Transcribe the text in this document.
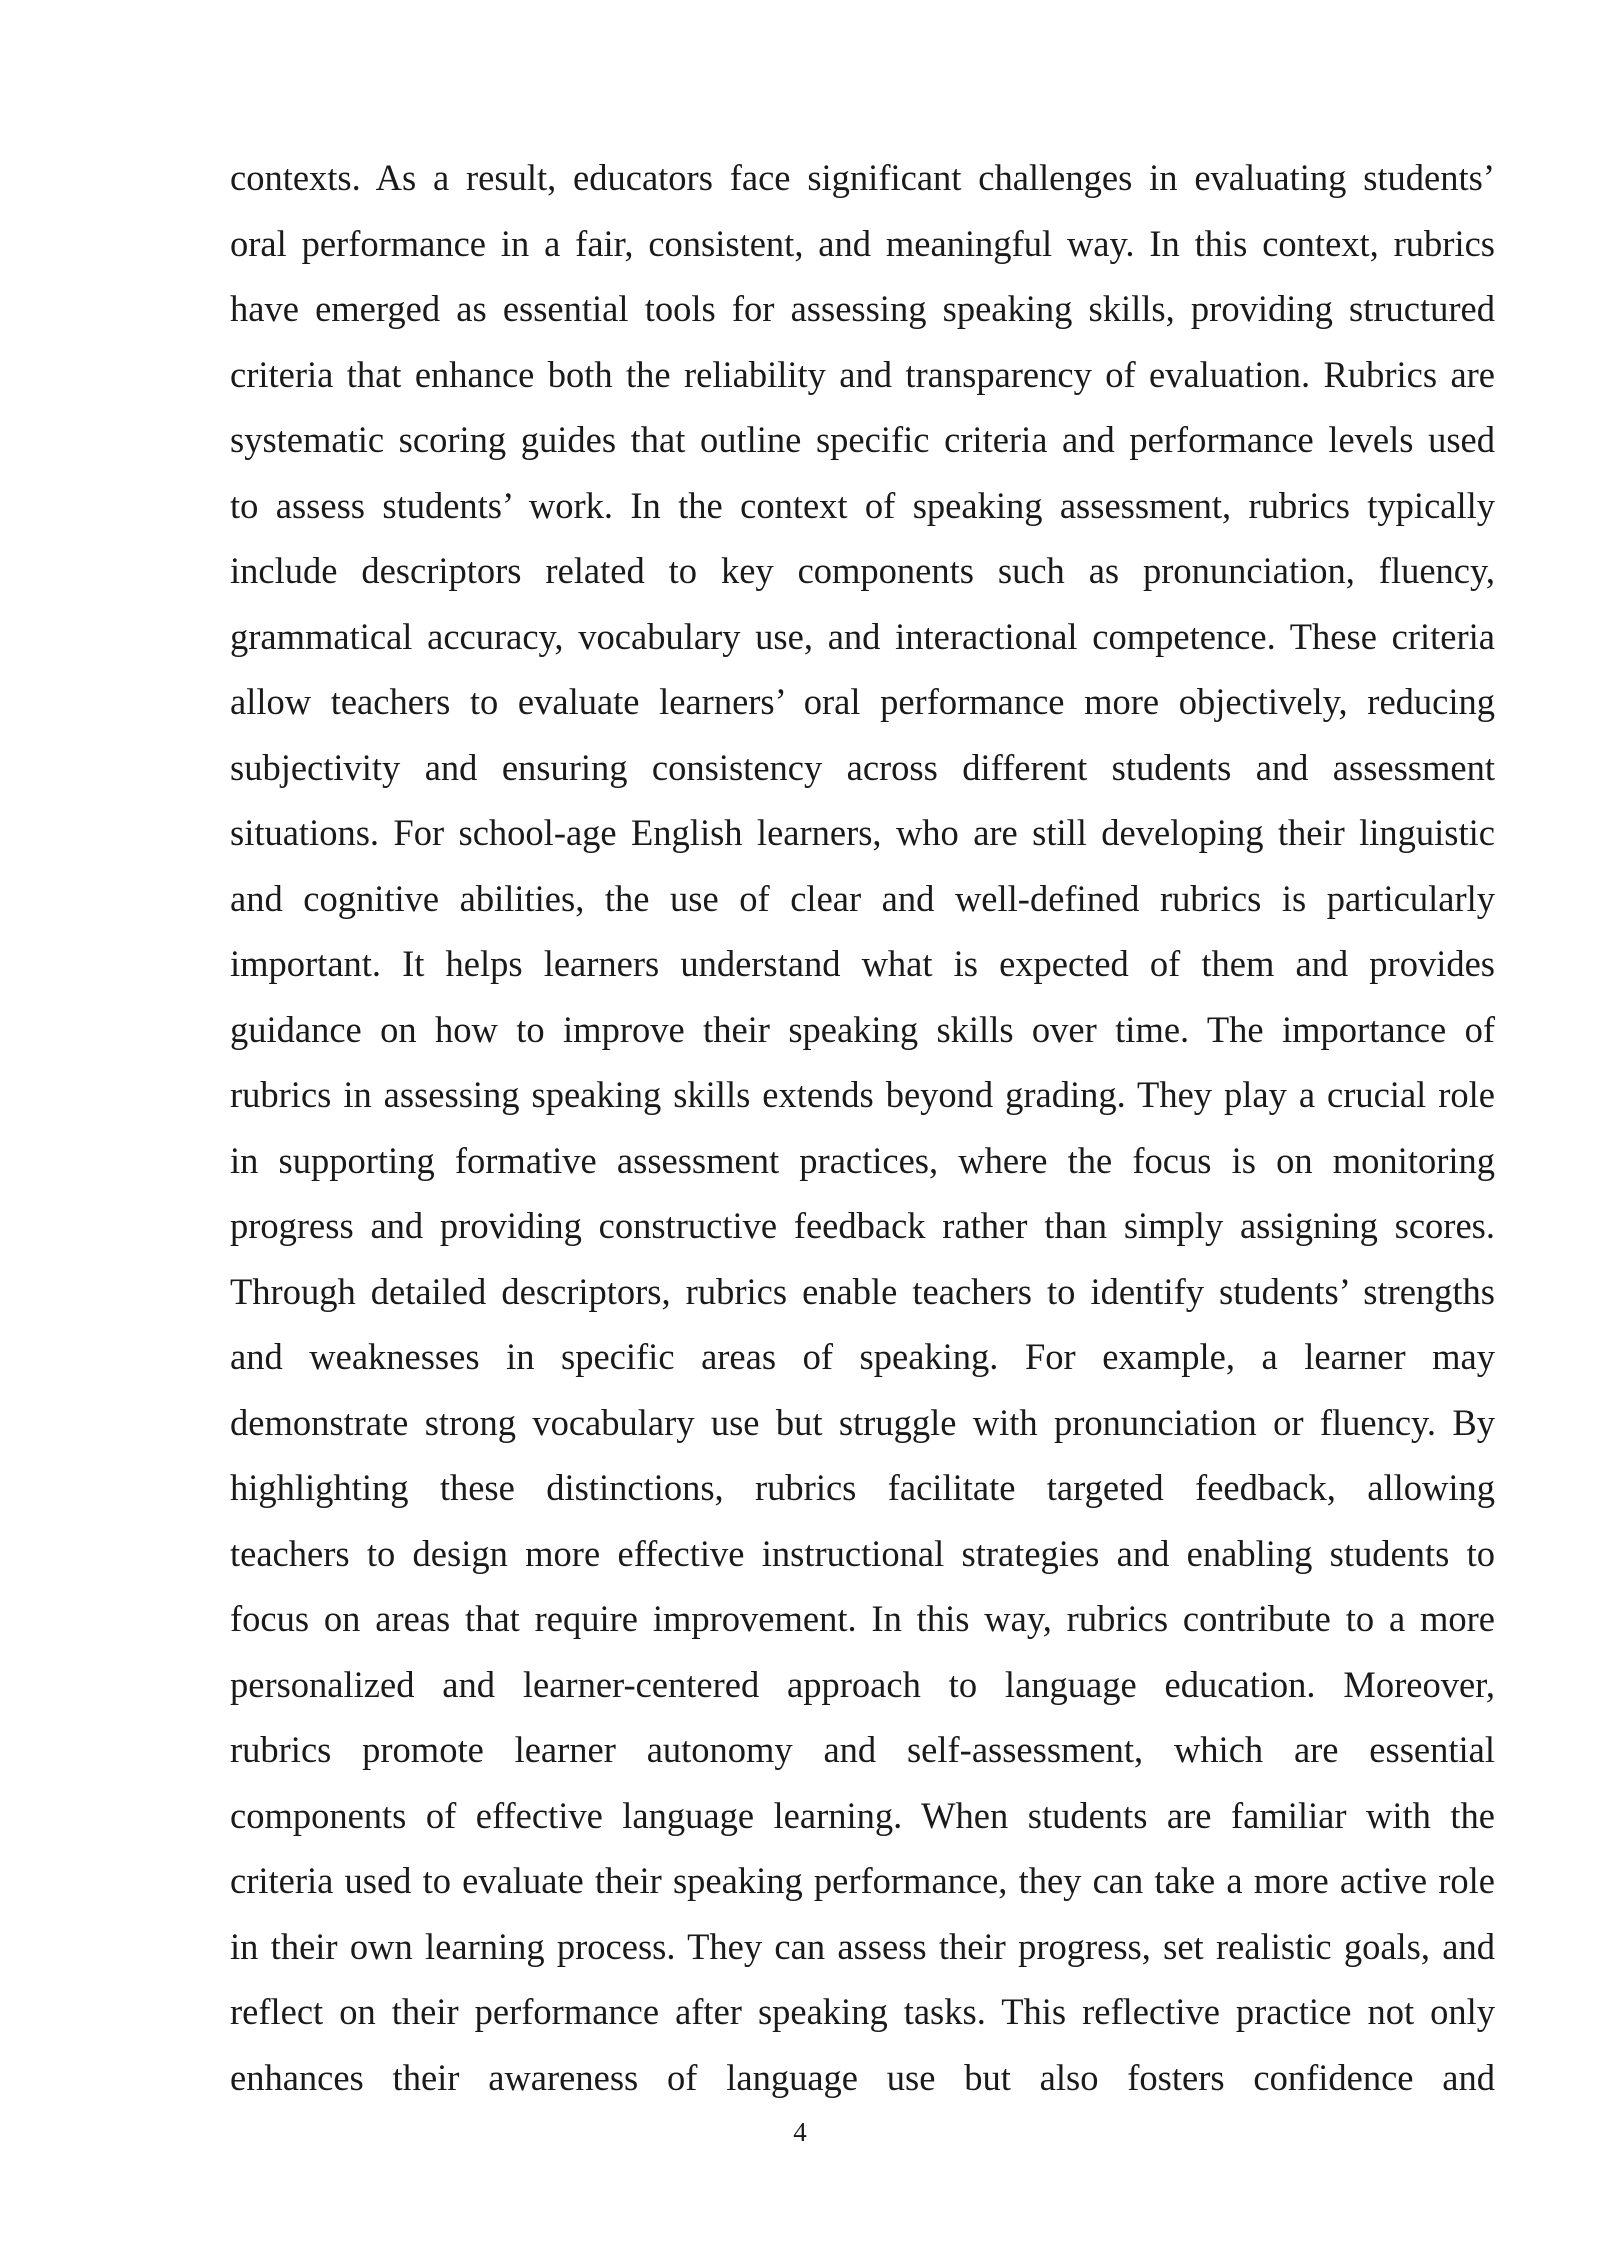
contexts. As a result, educators face significant challenges in evaluating students’
oral performance in a fair, consistent, and meaningful way. In this context, rubrics
have emerged as essential tools for assessing speaking skills, providing structured
criteria that enhance both the reliability and transparency of evaluation. Rubrics are
systematic scoring guides that outline specific criteria and performance levels used
to assess students’ work. In the context of speaking assessment, rubrics typically
include descriptors related to key components such as pronunciation, fluency,
grammatical accuracy, vocabulary use, and interactional competence. These criteria
allow teachers to evaluate learners’ oral performance more objectively, reducing
subjectivity and ensuring consistency across different students and assessment
situations. For school-age English learners, who are still developing their linguistic
and cognitive abilities, the use of clear and well-defined rubrics is particularly
important. It helps learners understand what is expected of them and provides
guidance on how to improve their speaking skills over time. The importance of
rubrics in assessing speaking skills extends beyond grading. They play a crucial role
in supporting formative assessment practices, where the focus is on monitoring
progress and providing constructive feedback rather than simply assigning scores.
Through detailed descriptors, rubrics enable teachers to identify students’ strengths
and weaknesses in specific areas of speaking. For example, a learner may
demonstrate strong vocabulary use but struggle with pronunciation or fluency. By
highlighting these distinctions, rubrics facilitate targeted feedback, allowing
teachers to design more effective instructional strategies and enabling students to
focus on areas that require improvement. In this way, rubrics contribute to a more
personalized and learner-centered approach to language education. Moreover,
rubrics promote learner autonomy and self-assessment, which are essential
components of effective language learning. When students are familiar with the
criteria used to evaluate their speaking performance, they can take a more active role
in their own learning process. They can assess their progress, set realistic goals, and
reflect on their performance after speaking tasks. This reflective practice not only
enhances their awareness of language use but also fosters confidence and

4
